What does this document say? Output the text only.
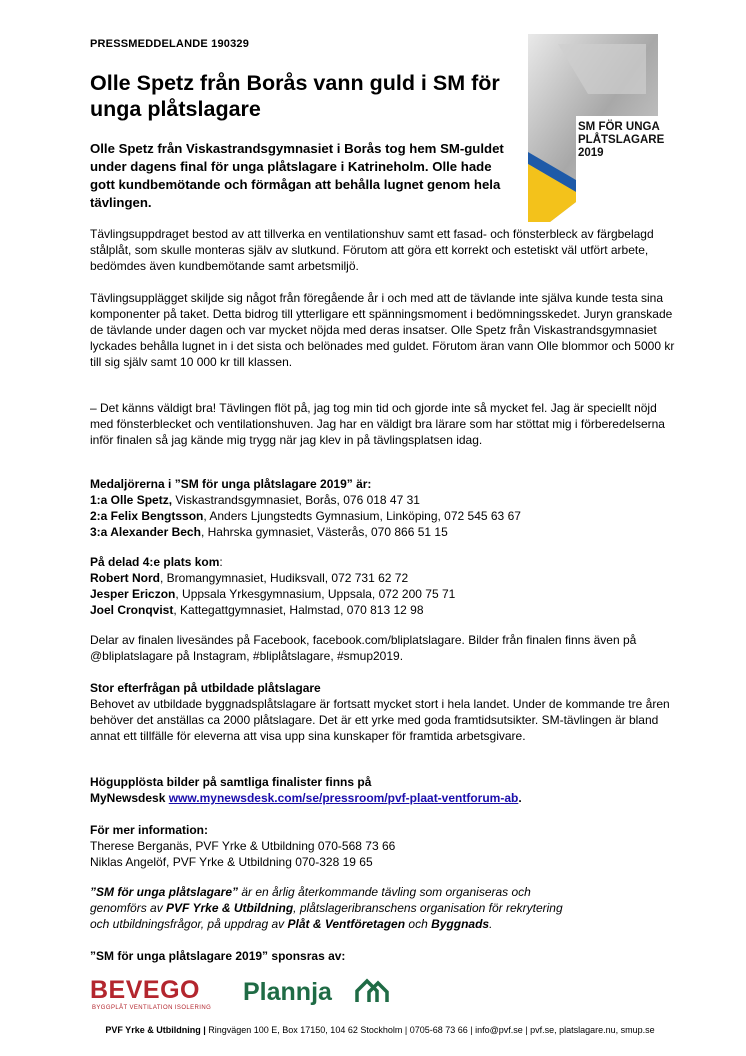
PRESSMEDDELANDE 190329
Olle Spetz från Borås vann guld i SM för unga plåtslagare
Olle Spetz från Viskastrandsgymnasiet i Borås tog hem SM-guldet under dagens final för unga plåtslagare i Katrineholm. Olle hade gott kundbemötande och förmågan att behålla lugnet genom hela tävlingen.
SM FÖR UNGA
PLÅTSLAGARE
2019
Tävlingsuppdraget bestod av att tillverka en ventilationshuv samt ett fasad- och fönsterbleck av färgbelagd stålplåt, som skulle monteras själv av slutkund. Förutom att göra ett korrekt och estetiskt väl utfört arbete, bedömdes även kundbemötande samt arbetsmiljö.
Tävlingsupplägget skiljde sig något från föregående år i och med att de tävlande inte själva kunde testa sina komponenter på taket. Detta bidrog till ytterligare ett spänningsmoment i bedömningsskedet. Juryn granskade de tävlande under dagen och var mycket nöjda med deras insatser. Olle Spetz från Viskastrandsgymnasiet lyckades behålla lugnet in i det sista och belönades med guldet. Förutom äran vann Olle blommor och 5000 kr till sig själv samt 10 000 kr till klassen.
– Det känns väldigt bra! Tävlingen flöt på, jag tog min tid och gjorde inte så mycket fel. Jag är speciellt nöjd med fönsterblecket och ventilationshuven. Jag har en väldigt bra lärare som har stöttat mig i förberedelserna inför finalen så jag kände mig trygg när jag klev in på tävlingsplatsen idag.
Medaljörerna i ”SM för unga plåtslagare 2019” är:
1:a Olle Spetz, Viskastrandsgymnasiet, Borås, 076 018 47 31
2:a Felix Bengtsson, Anders Ljungstedts Gymnasium, Linköping, 072 545 63 67
3:a Alexander Bech, Hahrska gymnasiet, Västerås, 070 866 51 15
På delad 4:e plats kom:
Robert Nord, Bromangymnasiet, Hudiksvall, 072 731 62 72
Jesper Ericzon, Uppsala Yrkesgymnasium, Uppsala, 072 200 75 71
Joel Cronqvist, Kattegattgymnasiet, Halmstad, 070 813 12 98
Delar av finalen livesändes på Facebook, facebook.com/bliplatslagare. Bilder från finalen finns även på @bliplatslagare på Instagram, #bliplåtslagare, #smup2019.
Stor efterfrågan på utbildade plåtslagare
Behovet av utbildade byggnadsplåtslagare är fortsatt mycket stort i hela landet. Under de kommande tre åren behöver det anställas ca 2000 plåtslagare. Det är ett yrke med goda framtidsutsikter. SM-tävlingen är bland annat ett tillfälle för eleverna att visa upp sina kunskaper för framtida arbetsgivare.
Högupplösta bilder på samtliga finalister finns på
MyNewsdesk www.mynewsdesk.com/se/pressroom/pvf-plaat-ventforum-ab.
För mer information:
Therese Berganäs, PVF Yrke & Utbildning 070-568 73 66
Niklas Angelöf, PVF Yrke & Utbildning 070-328 19 65
”SM för unga plåtslagare” är en årlig återkommande tävling som organiseras och genomförs av PVF Yrke & Utbildning, plåtslageribranschens organisation för rekrytering och utbildningsfrågor, på uppdrag av Plåt & Ventföretagen och Byggnads.
”SM för unga plåtslagare 2019” sponsras av:
BEVEGO
BYGGPLÅT VENTILATION ISOLERING
Plannja
PVF Yrke & Utbildning | Ringvägen 100 E, Box 17150, 104 62 Stockholm | 0705-68 73 66 | info@pvf.se | pvf.se, platslagare.nu, smup.se
